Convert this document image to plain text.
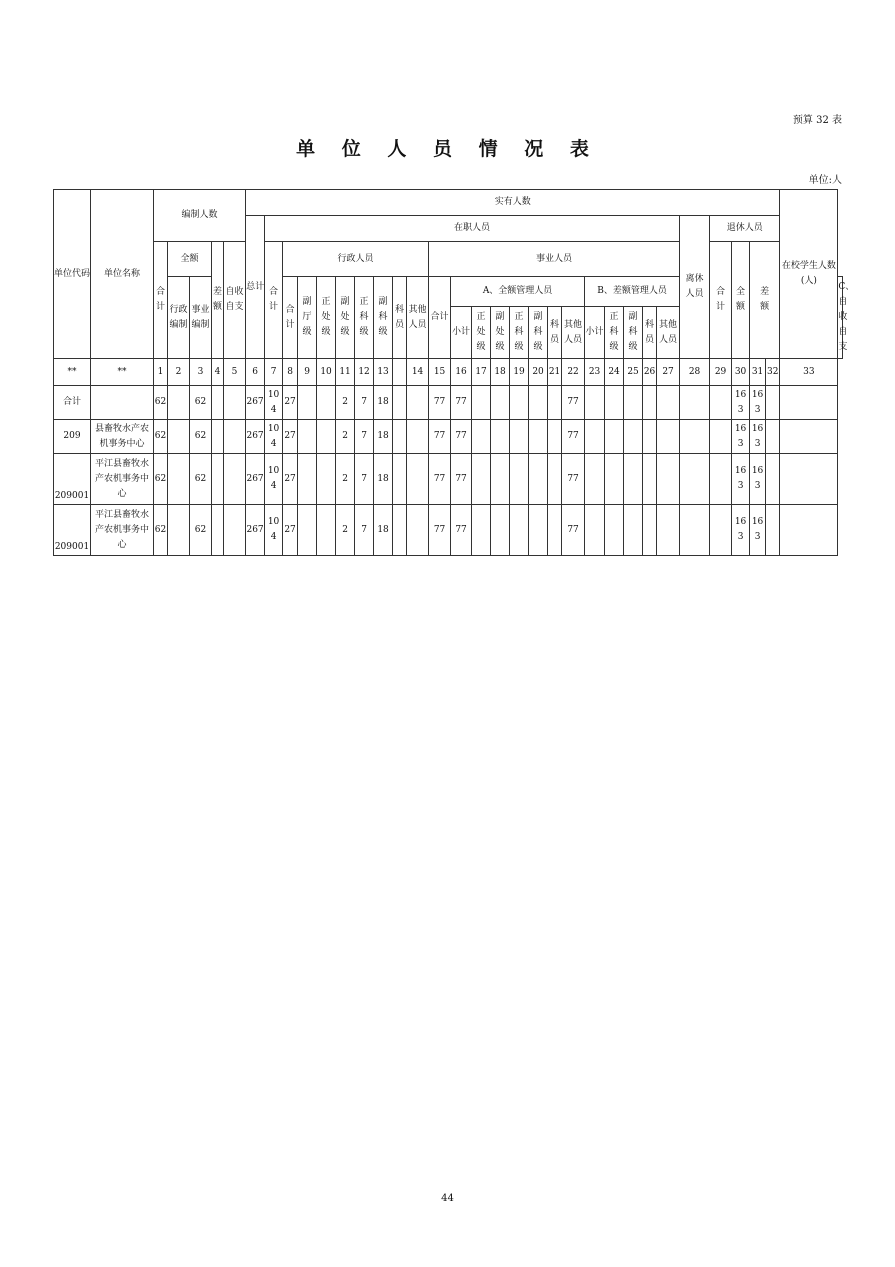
预算 32 表
单 位 人 员 情 况 表
单位:人
单位代码	单位名称	编制人数					实有人数																												在校学生人数(人)	
							总计	在职人员																						离休人员	退休人员					
		合计	全额		差额	自收自支		合计	行政人员								事业人员														合计	全额	差额			
			行政编制	事业编制					合计	副厅级	正处级	副处级	正科级	副科级	科员	其他人员	合计	A、全额管理人员							B、差额管理人员											C、自收自支
																		小计	正处级	副处级	正科级	副科级	科员	其他人员	小计	正科级	副科级	科员	其他人员							
**	**	1	2	3	4	5	6	7	8	9	10	11	12	13		14	15	16	17	18	19	20	21	22	23	24	25	26	27	28	29	30	31	32	33	
合计		62		62			267	104	27			2	7	18			77	77						77								163	163			
209	县畜牧水产农机事务中心	62		62			267	104	27			2	7	18			77	77						77								163	163			
209001	平江县畜牧水产农机事务中心	62		62			267	104	27			2	7	18			77	77						77								163	163			
209001	平江县畜牧水产农机事务中心	62		62			267	104	27			2	7	18			77	77						77								163	163			
44
